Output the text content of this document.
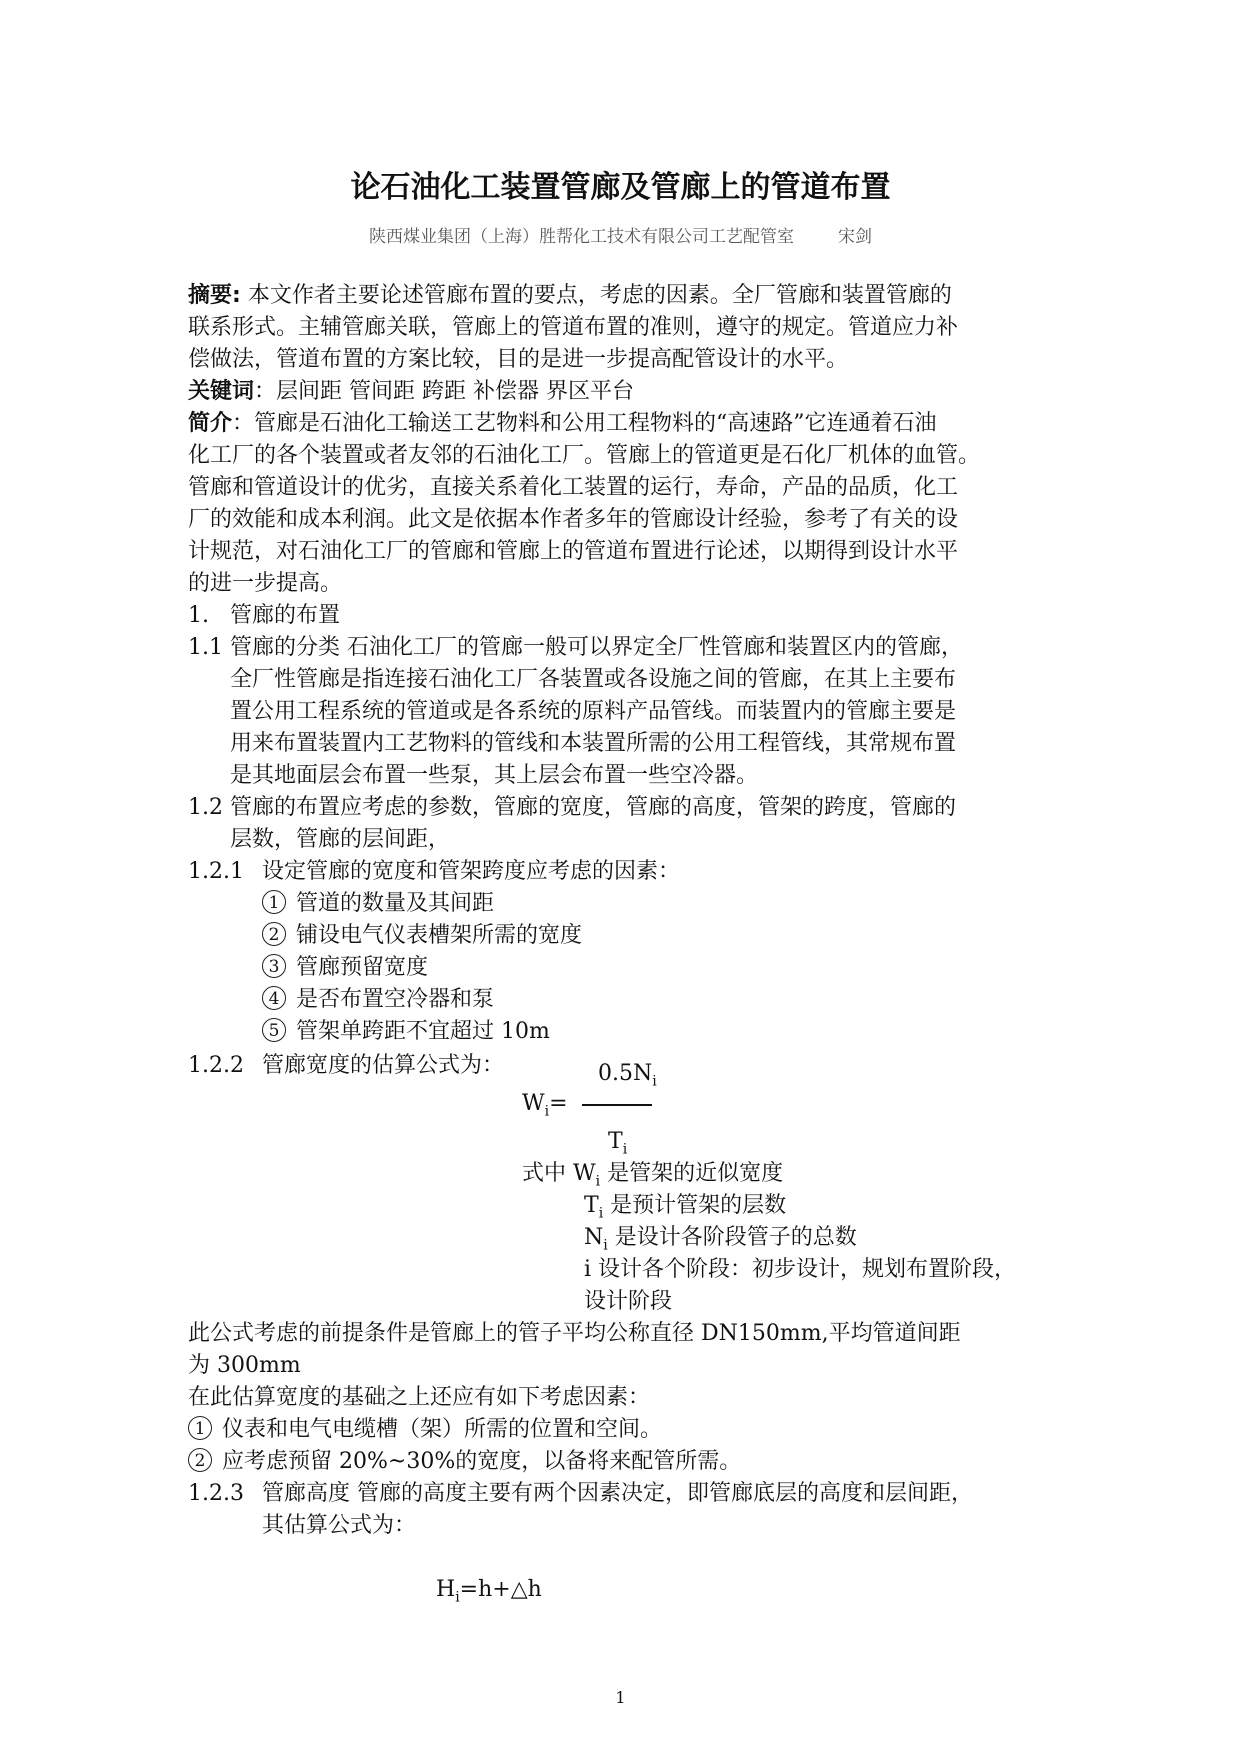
论石油化工装置管廊及管廊上的管道布置
陕西煤业集团（上海）胜帮化工技术有限公司工艺配管室	宋剑
摘要: 本文作者主要论述管廊布置的要点，考虑的因素。全厂管廊和装置管廊的
联系形式。主辅管廊关联，管廊上的管道布置的准则，遵守的规定。管道应力补
偿做法，管道布置的方案比较，目的是进一步提高配管设计的水平。
关键词：层间距 管间距 跨距 补偿器 界区平台
简介：管廊是石油化工输送工艺物料和公用工程物料的“高速路”它连通着石油
化工厂的各个装置或者友邻的石油化工厂。管廊上的管道更是石化厂机体的血管。
管廊和管道设计的优劣，直接关系着化工装置的运行，寿命，产品的品质，化工
厂的效能和成本利润。此文是依据本作者多年的管廊设计经验，参考了有关的设
计规范，对石油化工厂的管廊和管廊上的管道布置进行论述，以期得到设计水平
的进一步提高。
1. 管廊的布置
1.1 管廊的分类 石油化工厂的管廊一般可以界定全厂性管廊和装置区内的管廊，
全厂性管廊是指连接石油化工厂各装置或各设施之间的管廊，在其上主要布
置公用工程系统的管道或是各系统的原料产品管线。而装置内的管廊主要是
用来布置装置内工艺物料的管线和本装置所需的公用工程管线，其常规布置
是其地面层会布置一些泵，其上层会布置一些空冷器。
1.2 管廊的布置应考虑的参数，管廊的宽度，管廊的高度，管架的跨度，管廊的
层数，管廊的层间距，
1.2.1 设定管廊的宽度和管架跨度应考虑的因素：
1 管道的数量及其间距
2 铺设电气仪表槽架所需的宽度
3 管廊预留宽度
4 是否布置空冷器和泵
5 管架单跨距不宜超过 10m
1.2.2 管廊宽度的估算公式为：	$0.5N_i$
$W_i=$
$T_i$
式中 $W_i$ 是管架的近似宽度
$T_i$ 是预计管架的层数
$N_i$ 是设计各阶段管子的总数
i 设计各个阶段：初步设计，规划布置阶段，
设计阶段
此公式考虑的前提条件是管廊上的管子平均公称直径 DN150mm,平均管道间距
为 300mm
在此估算宽度的基础之上还应有如下考虑因素：
1 仪表和电气电缆槽（架）所需的位置和空间。
2 应考虑预留 20%~30%的宽度，以备将来配管所需。
1.2.3 管廊高度 管廊的高度主要有两个因素决定，即管廊底层的高度和层间距，
其估算公式为：
$H_i=h+\triangle h$
1
